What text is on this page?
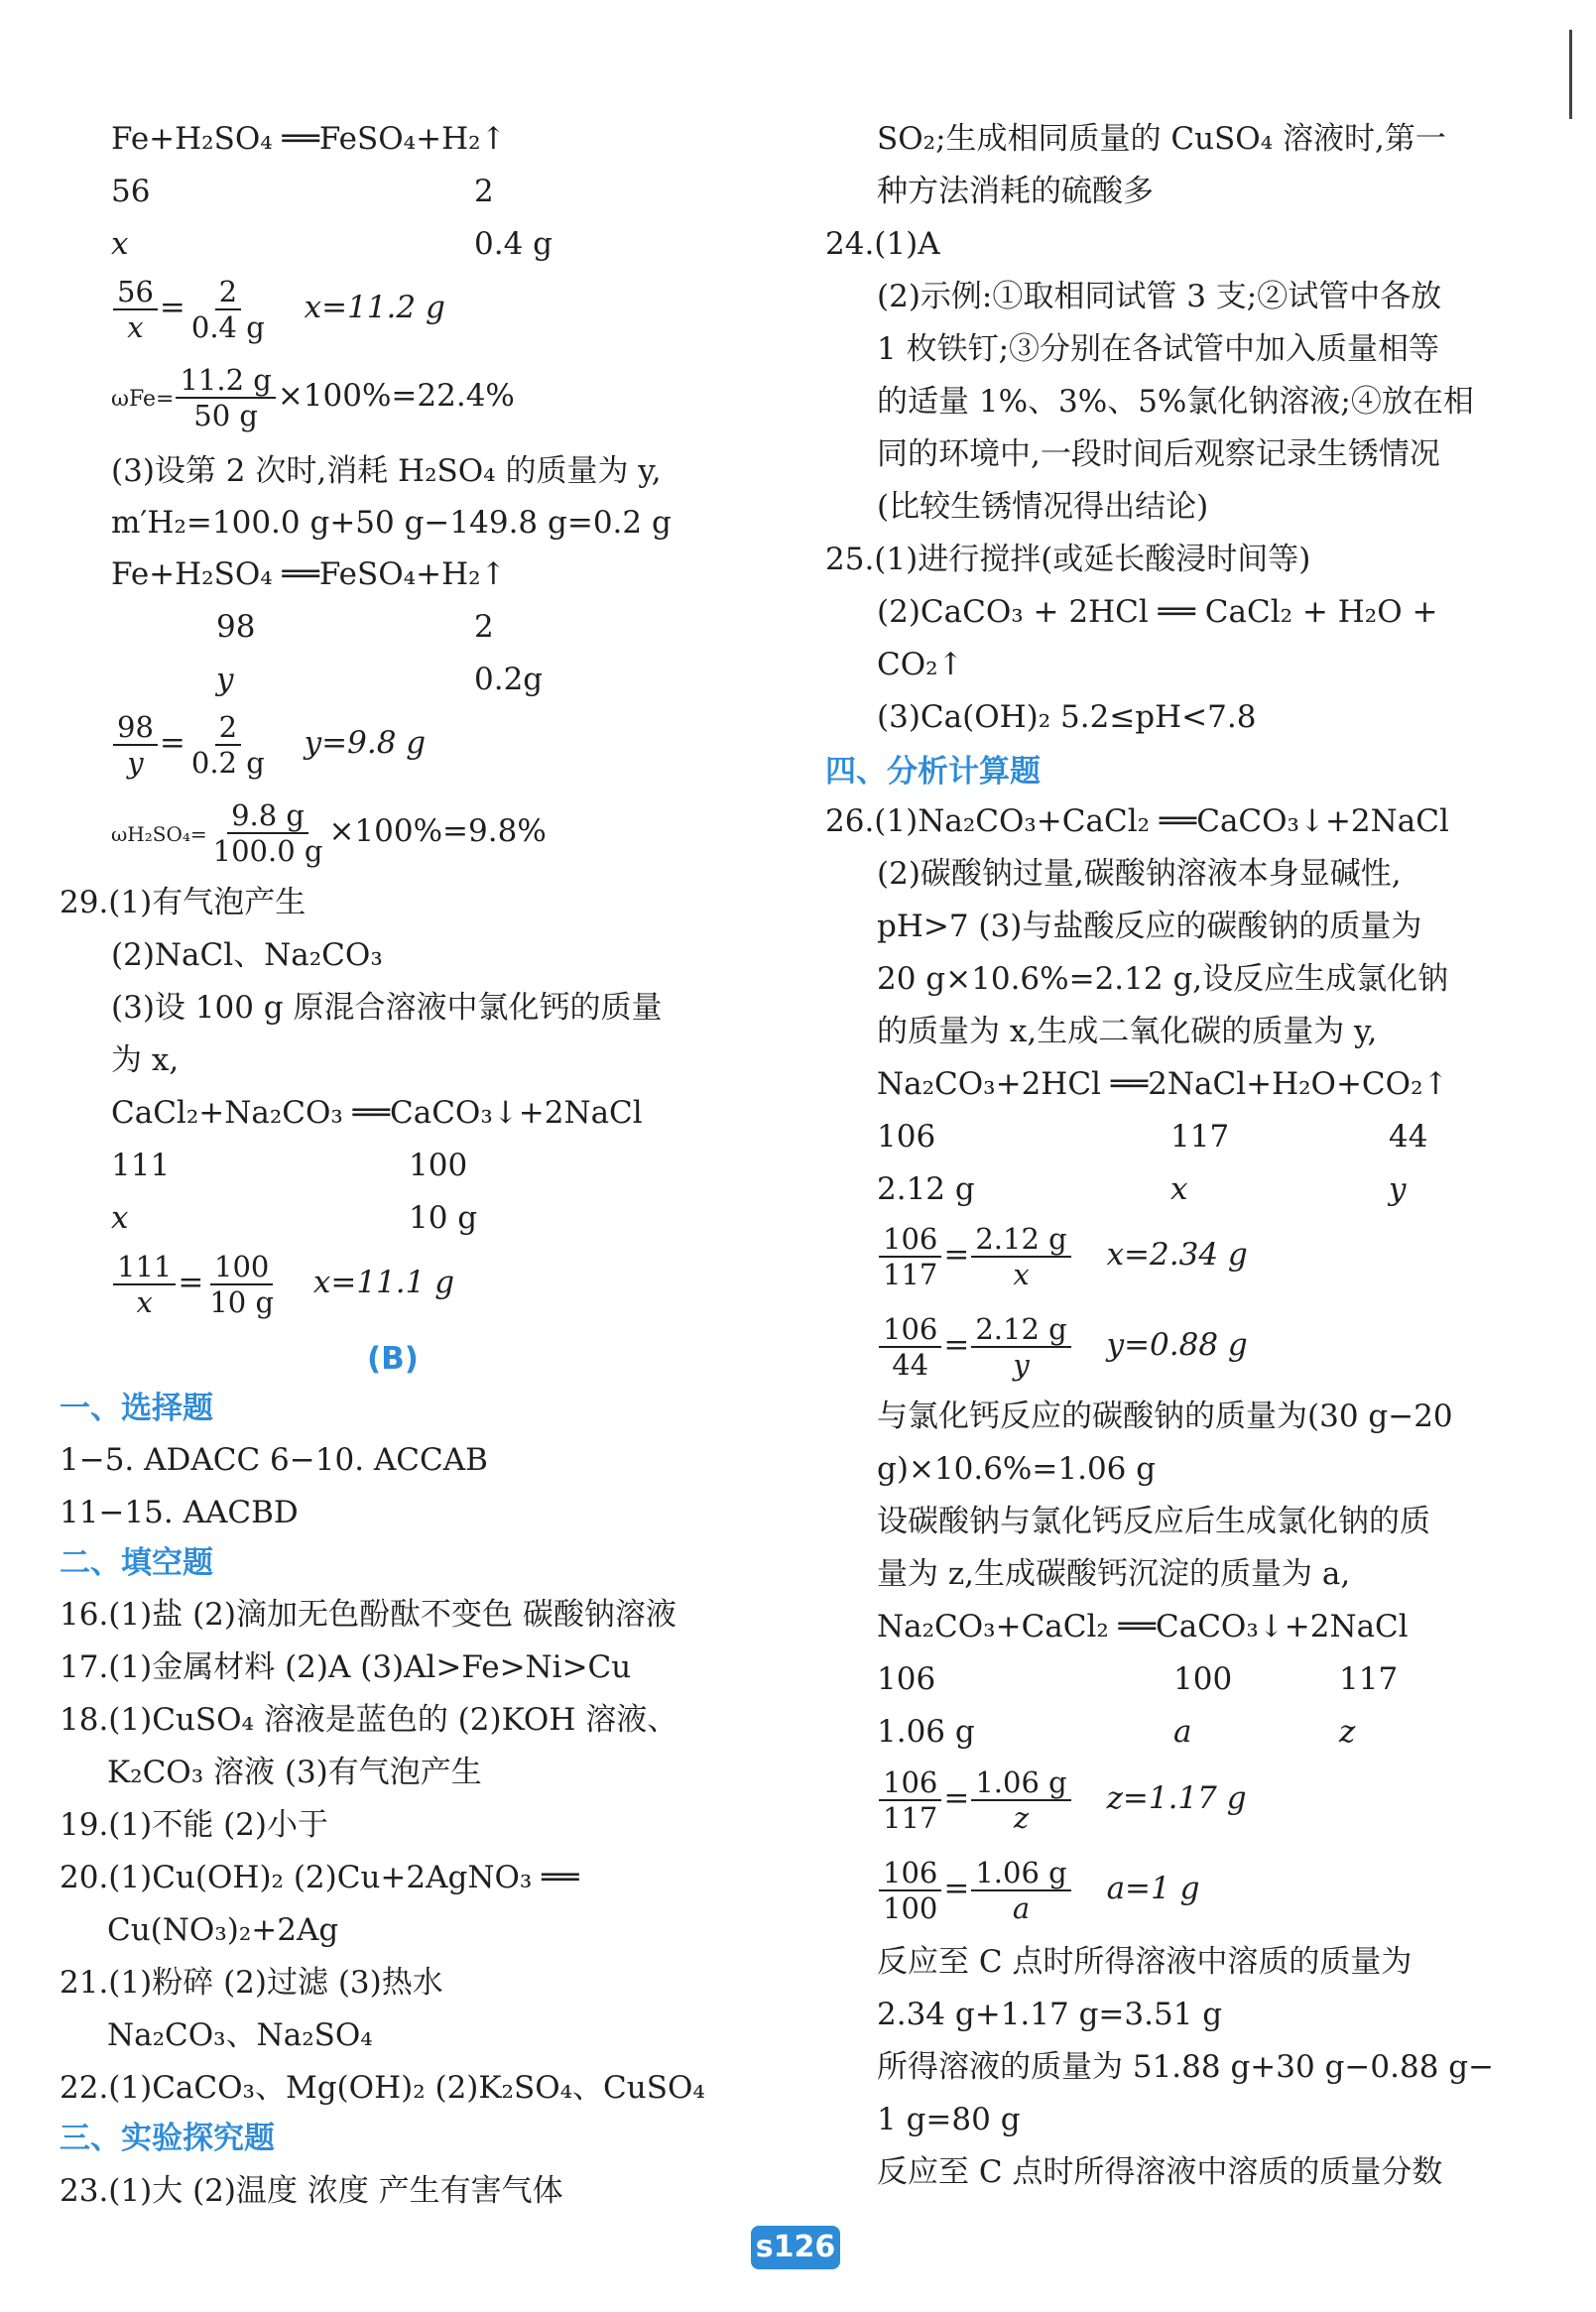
Fe+H₂SO₄ ══FeSO₄+H₂↑
56	2
x	0.4 g
$\frac{56}{x} = \frac{2}{0.4 g} x=11.2$ g
$\omega Fe= \frac{11.2 g}{50 g} \times 100\%=22.4\%$
(3)设第 2 次时,消耗 H₂SO₄ 的质量为 y,
m′H₂=100.0 g+50 g−149.8 g=0.2 g
Fe+H₂SO₄ ══FeSO₄+H₂↑
98	2
y	0.2g
$\frac{98}{y} = \frac{2}{0.2 g} y=9.8$ g
$\omega H_2SO_4= \frac{9.8 g}{100.0 g} \times 100\%=9.8\%$
29.(1)有气泡产生
(2)NaCl、Na₂CO₃
(3)设 100 g 原混合溶液中氯化钙的质量
为 x,
CaCl₂+Na₂CO₃ ══CaCO₃↓+2NaCl
111	100
x	10 g
$\frac{111}{x} = \frac{100}{10 g} x=11.1$ g
(B)
一、选择题
1−5. ADACC 6−10. ACCAB
11−15. AACBD
二、填空题
16.(1)盐 (2)滴加无色酚酞不变色 碳酸钠溶液
17.(1)金属材料 (2)A (3)Al>Fe>Ni>Cu
18.(1)CuSO₄ 溶液是蓝色的 (2)KOH 溶液、
K₂CO₃ 溶液 (3)有气泡产生
19.(1)不能 (2)小于
20.(1)Cu(OH)₂ (2)Cu+2AgNO₃ ══
Cu(NO₃)₂+2Ag
21.(1)粉碎 (2)过滤 (3)热水
Na₂CO₃、Na₂SO₄
22.(1)CaCO₃、Mg(OH)₂ (2)K₂SO₄、CuSO₄
三、实验探究题
23.(1)大 (2)温度 浓度 产生有害气体
SO₂;生成相同质量的 CuSO₄ 溶液时,第一
种方法消耗的硫酸多
24.(1)A
(2)示例:①取相同试管 3 支;②试管中各放
1 枚铁钉;③分别在各试管中加入质量相等
的适量 1%、3%、5%氯化钠溶液;④放在相
同的环境中,一段时间后观察记录生锈情况
(比较生锈情况得出结论)
25.(1)进行搅拌(或延长酸浸时间等)
(2)CaCO₃ + 2HCl ══ CaCl₂ + H₂O +
CO₂↑
(3)Ca(OH)₂ 5.2≤pH<7.8
四、分析计算题
26.(1)Na₂CO₃+CaCl₂ ══CaCO₃↓+2NaCl
(2)碳酸钠过量,碳酸钠溶液本身显碱性,
pH>7 (3)与盐酸反应的碳酸钠的质量为
20 g×10.6%=2.12 g,设反应生成氯化钠
的质量为 x,生成二氧化碳的质量为 y,
Na₂CO₃+2HCl ══2NaCl+H₂O+CO₂↑
106	117	44
2.12 g	x	y
$\frac{106}{117} = \frac{2.12 g}{x} x=2.34$ g
$\frac{106}{44} = \frac{2.12 g}{y} y=0.88$ g
与氯化钙反应的碳酸钠的质量为(30 g−20
g)×10.6%=1.06 g
设碳酸钠与氯化钙反应后生成氯化钠的质
量为 z,生成碳酸钙沉淀的质量为 a,
Na₂CO₃+CaCl₂ ══CaCO₃↓+2NaCl
106	100	117
1.06 g	a	z
$\frac{106}{117} = \frac{1.06 g}{z} z=1.17$ g
$\frac{106}{100} = \frac{1.06 g}{a} a=1$ g
反应至 C 点时所得溶液中溶质的质量为
2.34 g+1.17 g=3.51 g
所得溶液的质量为 51.88 g+30 g−0.88 g−
1 g=80 g
反应至 C 点时所得溶液中溶质的质量分数
s126
